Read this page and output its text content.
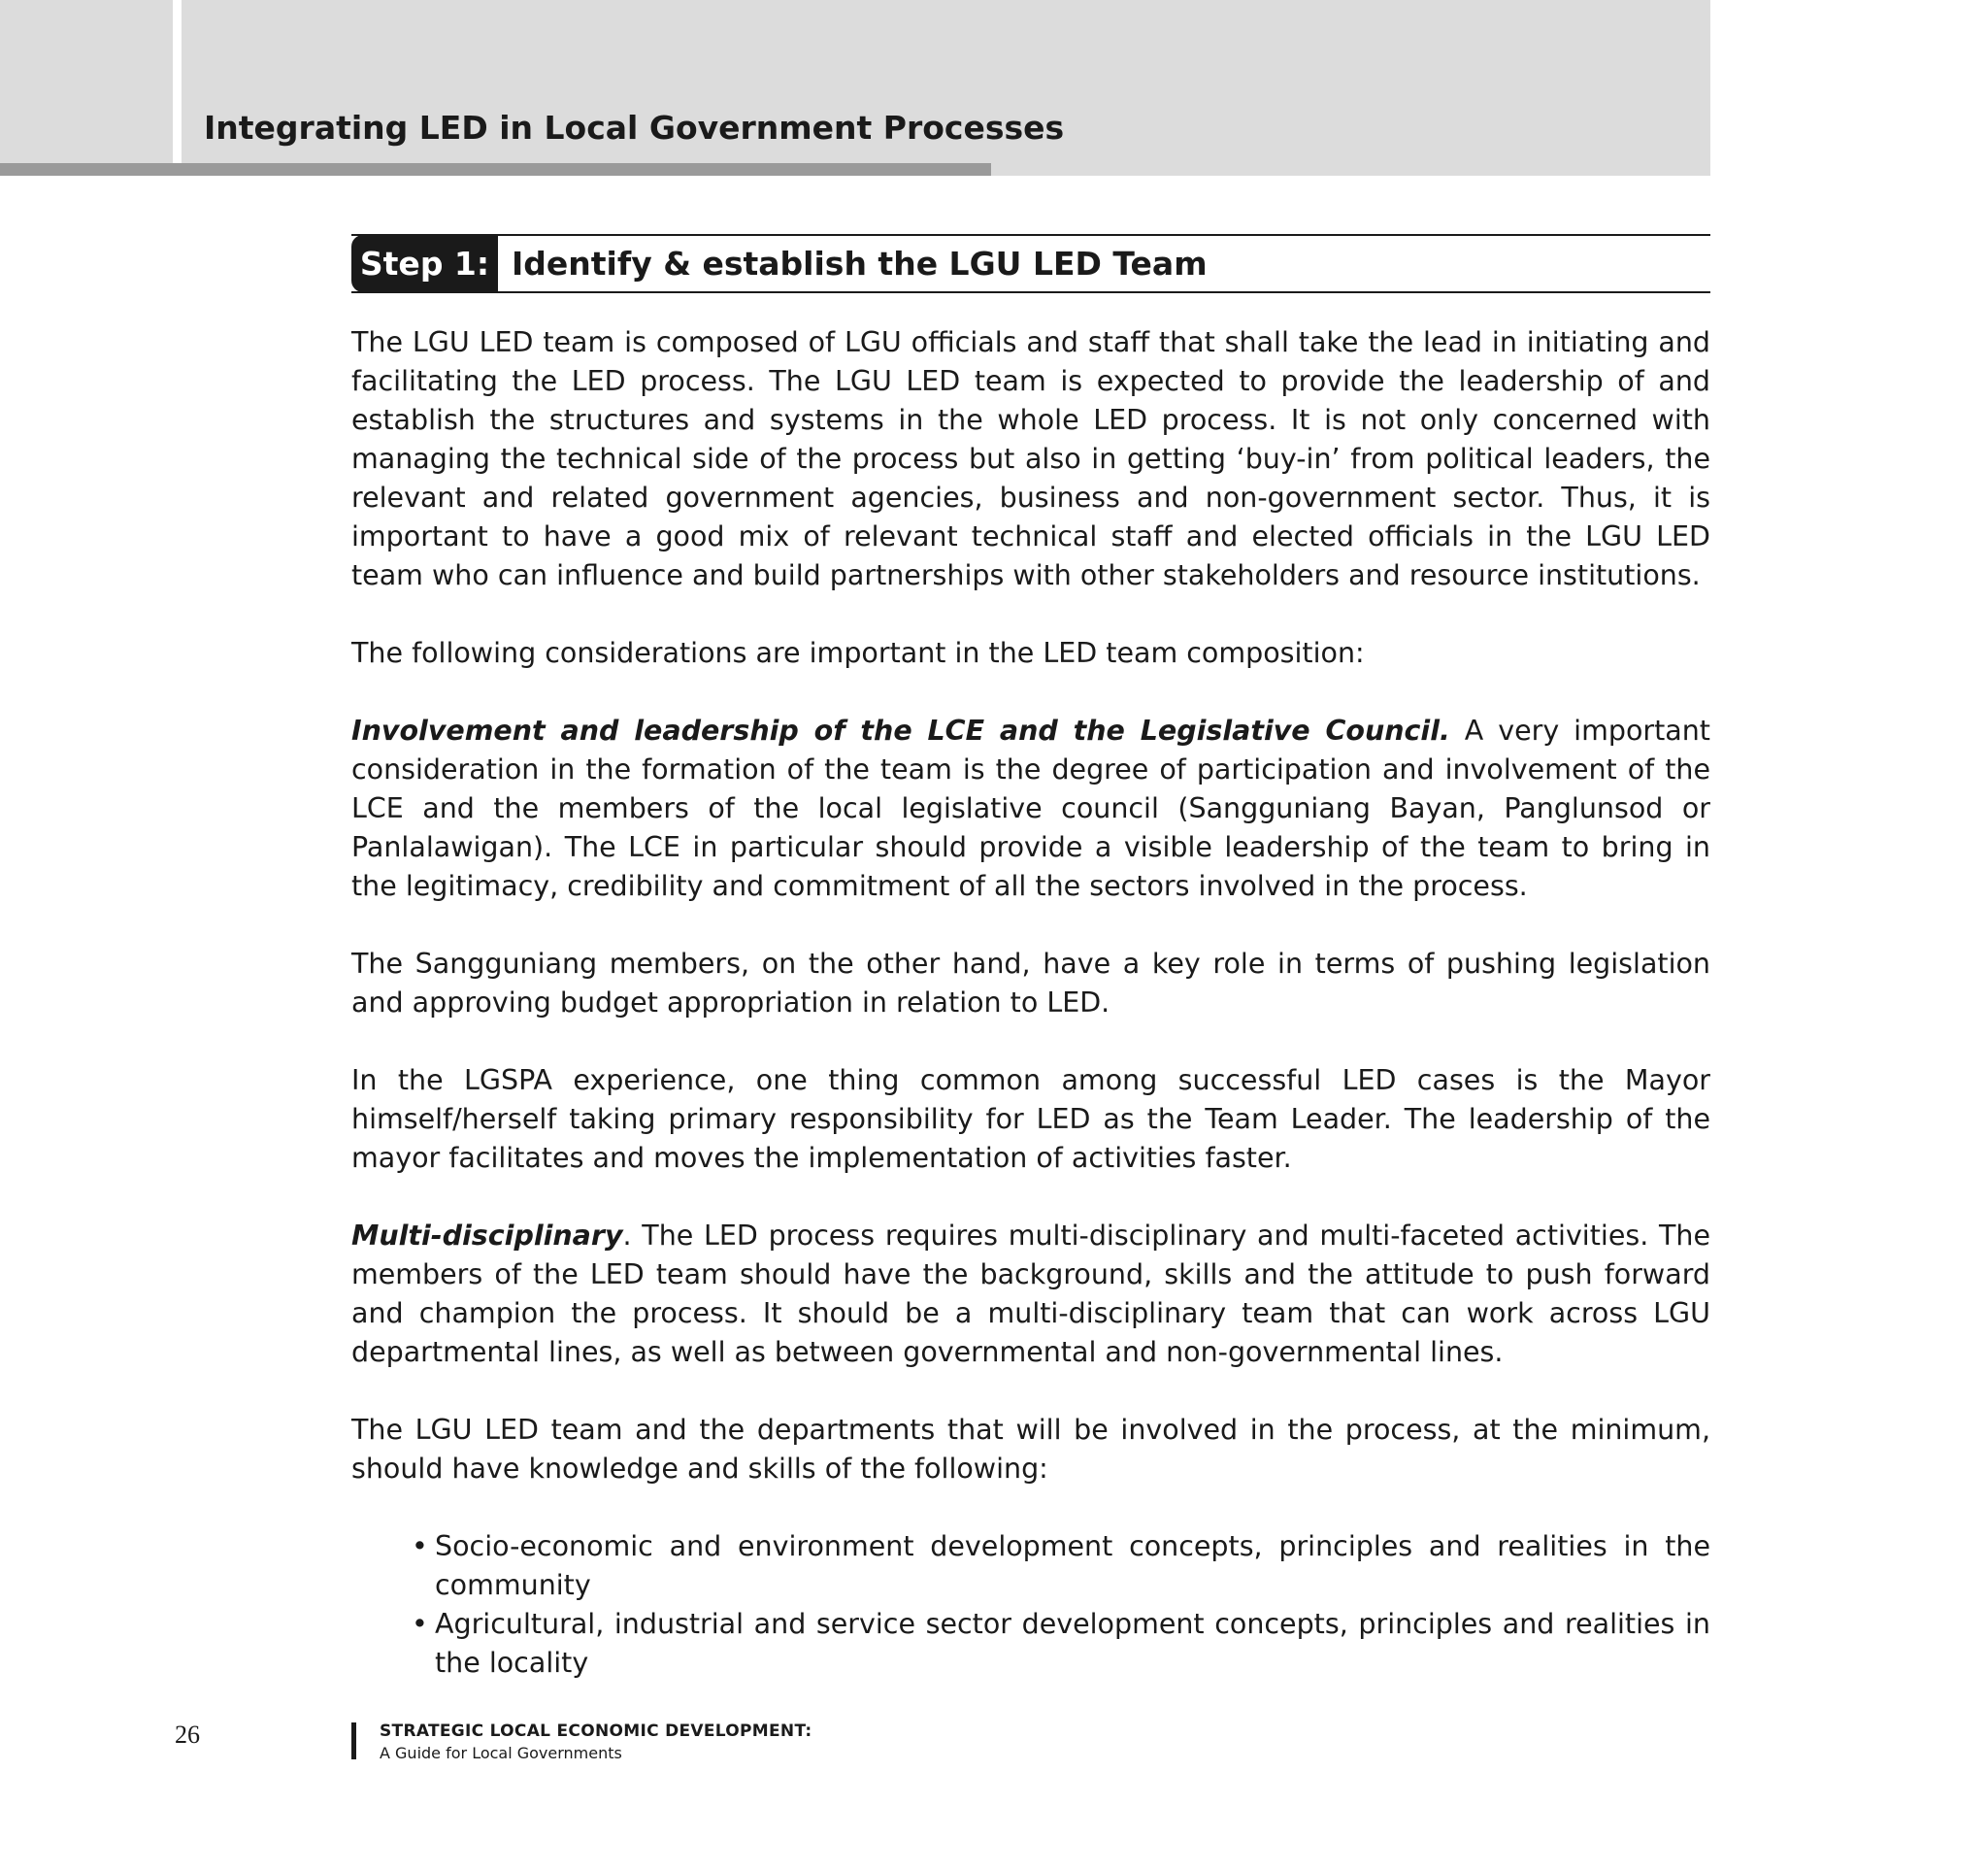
Integrating LED in Local Government Processes
Step 1: Identify & establish the LGU LED Team

The LGU LED team is composed of LGU officials and staff that shall take the lead in initiating and facilitating the LED process. The LGU LED team is expected to provide the leadership of and establish the structures and systems in the whole LED process. It is not only concerned with managing the technical side of the process but also in getting ‘buy-in’ from political leaders, the relevant and related government agencies, business and non-government sector. Thus, it is important to have a good mix of relevant technical staff and elected officials in the LGU LED team who can influence and build partnerships with other stakeholders and resource institutions.

The following considerations are important in the LED team composition:

Involvement and leadership of the LCE and the Legislative Council. A very important consideration in the formation of the team is the degree of participation and involvement of the LCE and the members of the local legislative council (Sangguniang Bayan, Panglunsod or Panlalawigan). The LCE in particular should provide a visible leadership of the team to bring in the legitimacy, credibility and commitment of all the sectors involved in the process.

The Sangguniang members, on the other hand, have a key role in terms of pushing legislation and approving budget appropriation in relation to LED.

In the LGSPA experience, one thing common among successful LED cases is the Mayor himself/herself taking primary responsibility for LED as the Team Leader. The leadership of the mayor facilitates and moves the implementation of activities faster.

Multi-disciplinary. The LED process requires multi-disciplinary and multi-faceted activities. The members of the LED team should have the background, skills and the attitude to push forward and champion the process. It should be a multi-disciplinary team that can work across LGU departmental lines, as well as between governmental and non-governmental lines.

The LGU LED team and the departments that will be involved in the process, at the minimum, should have knowledge and skills of the following:

• Socio-economic and environment development concepts, principles and realities in the community
• Agricultural, industrial and service sector development concepts, principles and realities in the locality
26	STRATEGIC LOCAL ECONOMIC DEVELOPMENT:
A Guide for Local Governments
